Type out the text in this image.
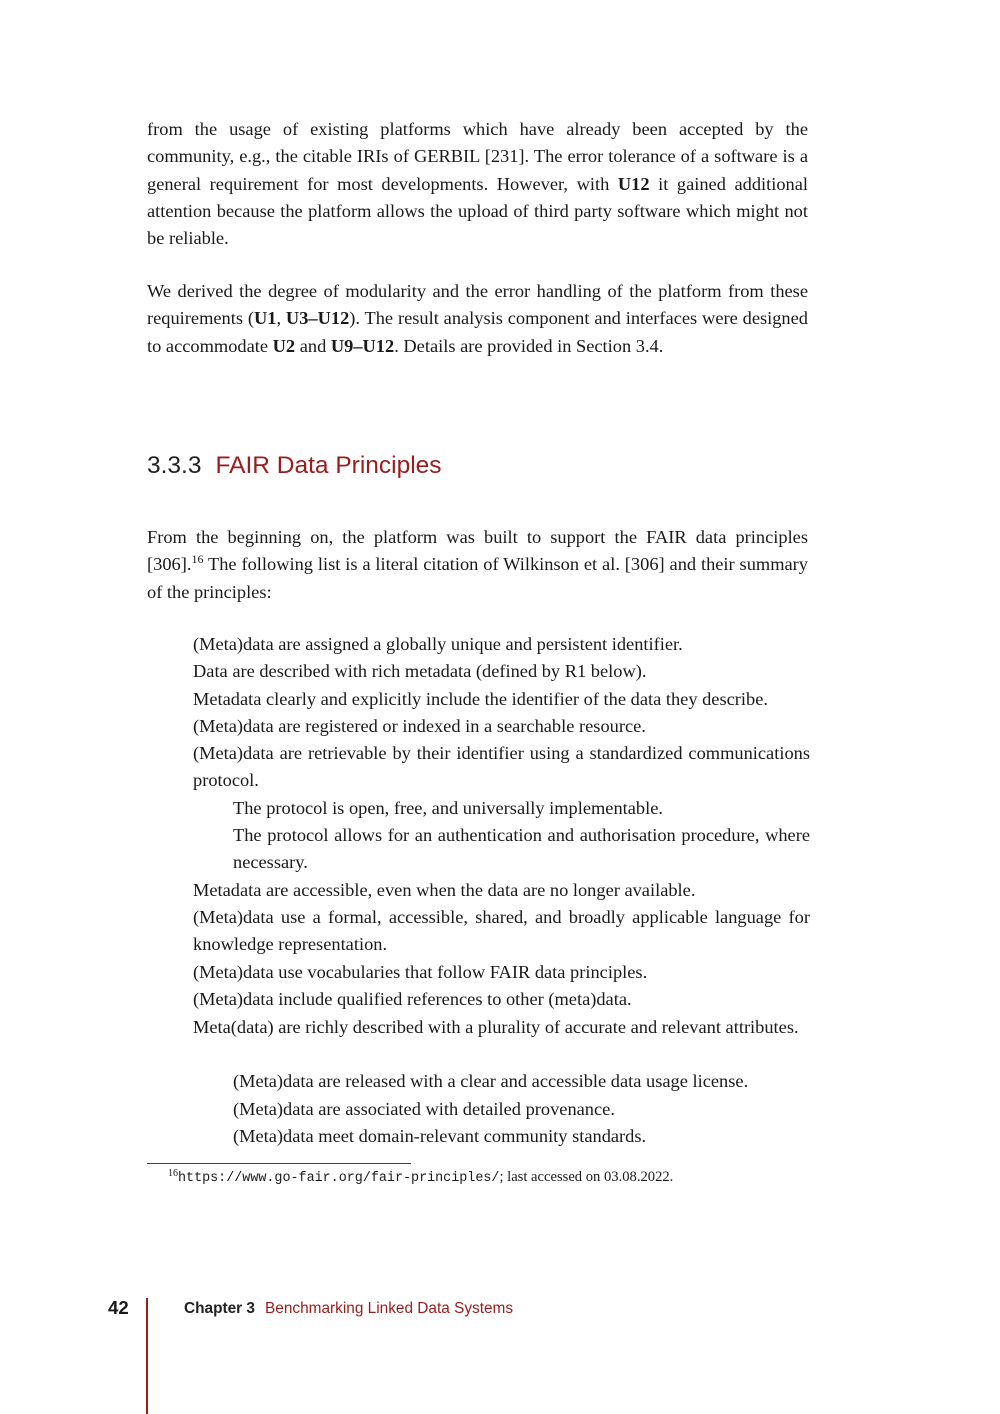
from the usage of existing platforms which have already been accepted by the community, e.g., the citable IRIs of GERBIL [231]. The error tolerance of a software is a general requirement for most developments. However, with U12 it gained additional attention because the platform allows the upload of third party software which might not be reliable.

We derived the degree of modularity and the error handling of the platform from these requirements (U1, U3–U12). The result analysis component and interfaces were designed to accommodate U2 and U9–U12. Details are provided in Section 3.4.

3.3.3 FAIR Data Principles

From the beginning on, the platform was built to support the FAIR data principles [306].$^{16}$ The following list is a literal citation of Wilkinson et al. [306] and their summary of the principles:

(Meta)data are assigned a globally unique and persistent identifier.
Data are described with rich metadata (defined by R1 below).
Metadata clearly and explicitly include the identifier of the data they describe.
(Meta)data are registered or indexed in a searchable resource.
(Meta)data are retrievable by their identifier using a standardized communications protocol.
The protocol is open, free, and universally implementable.
The protocol allows for an authentication and authorisation procedure, where necessary.
Metadata are accessible, even when the data are no longer available.
(Meta)data use a formal, accessible, shared, and broadly applicable language for knowledge representation.
(Meta)data use vocabularies that follow FAIR data principles.
(Meta)data include qualified references to other (meta)data.
Meta(data) are richly described with a plurality of accurate and relevant attributes.
(Meta)data are released with a clear and accessible data usage license.
(Meta)data are associated with detailed provenance.
(Meta)data meet domain-relevant community standards.
$^{16}$https://www.go-fair.org/fair-principles/; last accessed on 03.08.2022.
42	Chapter 3 Benchmarking Linked Data Systems
